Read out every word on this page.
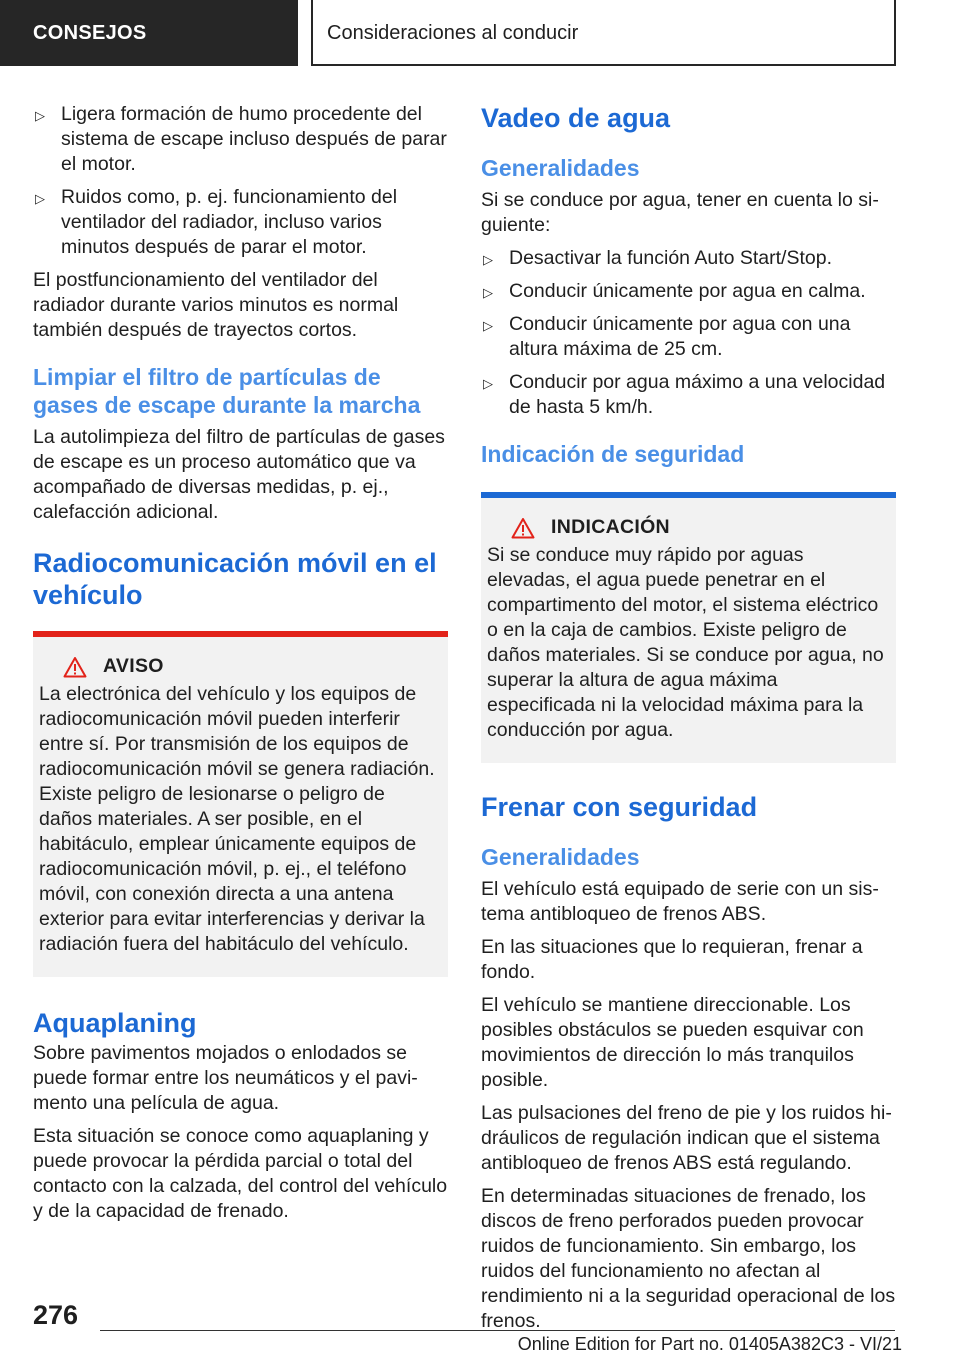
CONSEJOS	Consideraciones al conducir
▷ Ligera formación de humo procedente del sistema de escape incluso después de parar el motor.
▷ Ruidos como, p. ej. funcionamiento del ventilador del radiador, incluso varios minutos después de parar el motor.

El postfuncionamiento del ventilador del radiador durante varios minutos es normal también después de trayectos cortos.

Limpiar el filtro de partículas de gases de escape durante la marcha

La autolimpieza del filtro de partículas de gases de escape es un proceso automático que va acompañado de diversas medidas, p. ej., calefacción adicional.

Radiocomunicación móvil en el vehículo
AVISO

La electrónica del vehículo y los equipos de radiocomunicación móvil pueden interferir entre sí. Por transmisión de los equipos de radiocomunicación móvil se genera radiación. Existe peligro de lesionarse o peligro de daños materiales. A ser posible, en el habitáculo, emplear únicamente equipos de radiocomunicación móvil, p. ej., el teléfono móvil, con conexión directa a una antena exterior para evitar interferencias y derivar la radiación fuera del habitáculo del vehículo.

Aquaplaning

Sobre pavimentos mojados o enlodados se puede formar entre los neumáticos y el pavimento una película de agua.

Esta situación se conoce como aquaplaning y puede provocar la pérdida parcial o total del contacto con la calzada, del control del vehículo y de la capacidad de frenado.

Vadeo de agua
Generalidades

Si se conduce por agua, tener en cuenta lo siguiente:

▷ Desactivar la función Auto Start/Stop.
▷ Conducir únicamente por agua en calma.
▷ Conducir únicamente por agua con una altura máxima de 25 cm.
▷ Conducir por agua máximo a una velocidad de hasta 5 km/h.
Indicación de seguridad
INDICACIÓN

Si se conduce muy rápido por aguas elevadas, el agua puede penetrar en el compartimento del motor, el sistema eléctrico o en la caja de cambios. Existe peligro de daños materiales. Si se conduce por agua, no superar la altura de agua máxima especificada ni la velocidad máxima para la conducción por agua.

Frenar con seguridad
Generalidades

El vehículo está equipado de serie con un sistema antibloqueo de frenos ABS.

En las situaciones que lo requieran, frenar a fondo.

El vehículo se mantiene direccionable. Los posibles obstáculos se pueden esquivar con movimientos de dirección lo más tranquilos posible.

Las pulsaciones del freno de pie y los ruidos hidráulicos de regulación indican que el sistema antibloqueo de frenos ABS está regulando.

En determinadas situaciones de frenado, los discos de freno perforados pueden provocar ruidos de funcionamiento. Sin embargo, los ruidos del funcionamiento no afectan al rendimiento ni a la seguridad operacional de los frenos.

276
Online Edition for Part no. 01405A382C3 - VI/21
